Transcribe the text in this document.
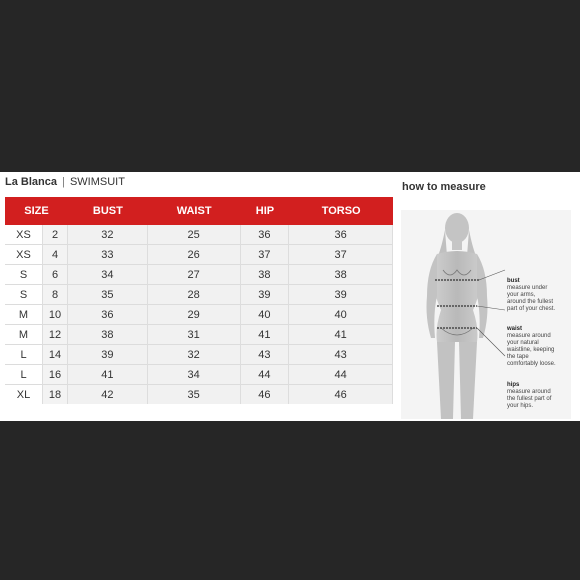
La Blanca | SWIMSUIT
SIZE		BUST	WAIST	HIP	TORSO
XS	2	32	25	36	36
XS	4	33	26	37	37
S	6	34	27	38	38
S	8	35	28	39	39
M	10	36	29	40	40
M	12	38	31	41	41
L	14	39	32	43	43
L	16	41	34	44	44
XL	18	42	35	46	46
how to measure
bust
measure under
your arms,
around the fullest
part of your chest.
waist
measure around
your natural
waistline, keeping
the tape
comfortably loose.
hips
measure around
the fullest part of
your hips.
